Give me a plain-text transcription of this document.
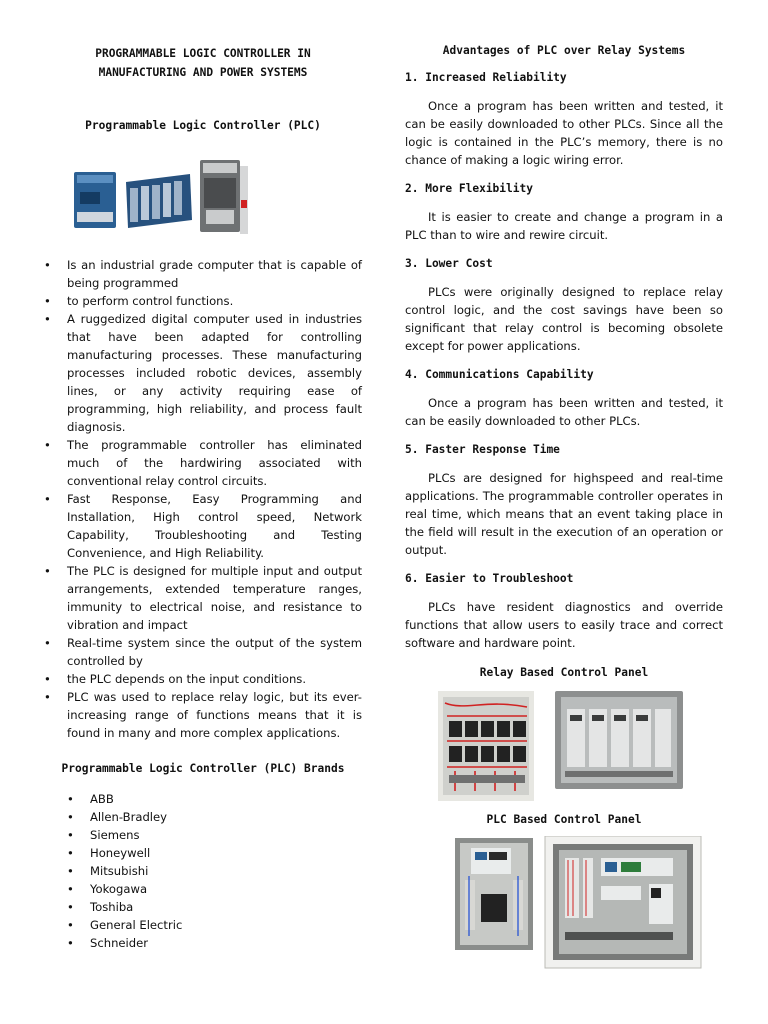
PROGRAMMABLE LOGIC CONTROLLER IN
MANUFACTURING AND POWER SYSTEMS
Programmable Logic Controller (PLC)
• Is an industrial grade computer that is capable of being programmed
• to perform control functions.
• A ruggedized digital computer used in industries that have been adapted for controlling manufacturing processes. These manufacturing processes included robotic devices, assembly lines, or any activity requiring ease of programming, high reliability, and process fault diagnosis.
• The programmable controller has eliminated much of the hardwiring associated with conventional relay control circuits.
• Fast Response, Easy Programming and Installation, High control speed, Network Capability, Troubleshooting and Testing Convenience, and High Reliability.
• The PLC is designed for multiple input and output arrangements, extended temperature ranges, immunity to electrical noise, and resistance to vibration and impact
• Real-time system since the output of the system controlled by
• the PLC depends on the input conditions.
• PLC was used to replace relay logic, but its ever-increasing range of functions means that it is found in many and more complex applications.
Programmable Logic Controller (PLC) Brands
• ABB
• Allen-Bradley
• Siemens
• Honeywell
• Mitsubishi
• Yokogawa
• Toshiba
• General Electric
• Schneider
Advantages of PLC over Relay Systems
1. Increased Reliability

Once a program has been written and tested, it can be easily downloaded to other PLCs. Since all the logic is contained in the PLC’s memory, there is no chance of making a logic wiring error.

2. More Flexibility

It is easier to create and change a program in a PLC than to wire and rewire circuit.

3. Lower Cost

PLCs were originally designed to replace relay control logic, and the cost savings have been so significant that relay control is becoming obsolete except for power applications.

4. Communications Capability

Once a program has been written and tested, it can be easily downloaded to other PLCs.

5. Faster Response Time

PLCs are designed for highspeed and real-time applications. The programmable controller operates in real time, which means that an event taking place in the field will result in the execution of an operation or output.

6. Easier to Troubleshoot

PLCs have resident diagnostics and override functions that allow users to easily trace and correct software and hardware point.

Relay Based Control Panel
PLC Based Control Panel
